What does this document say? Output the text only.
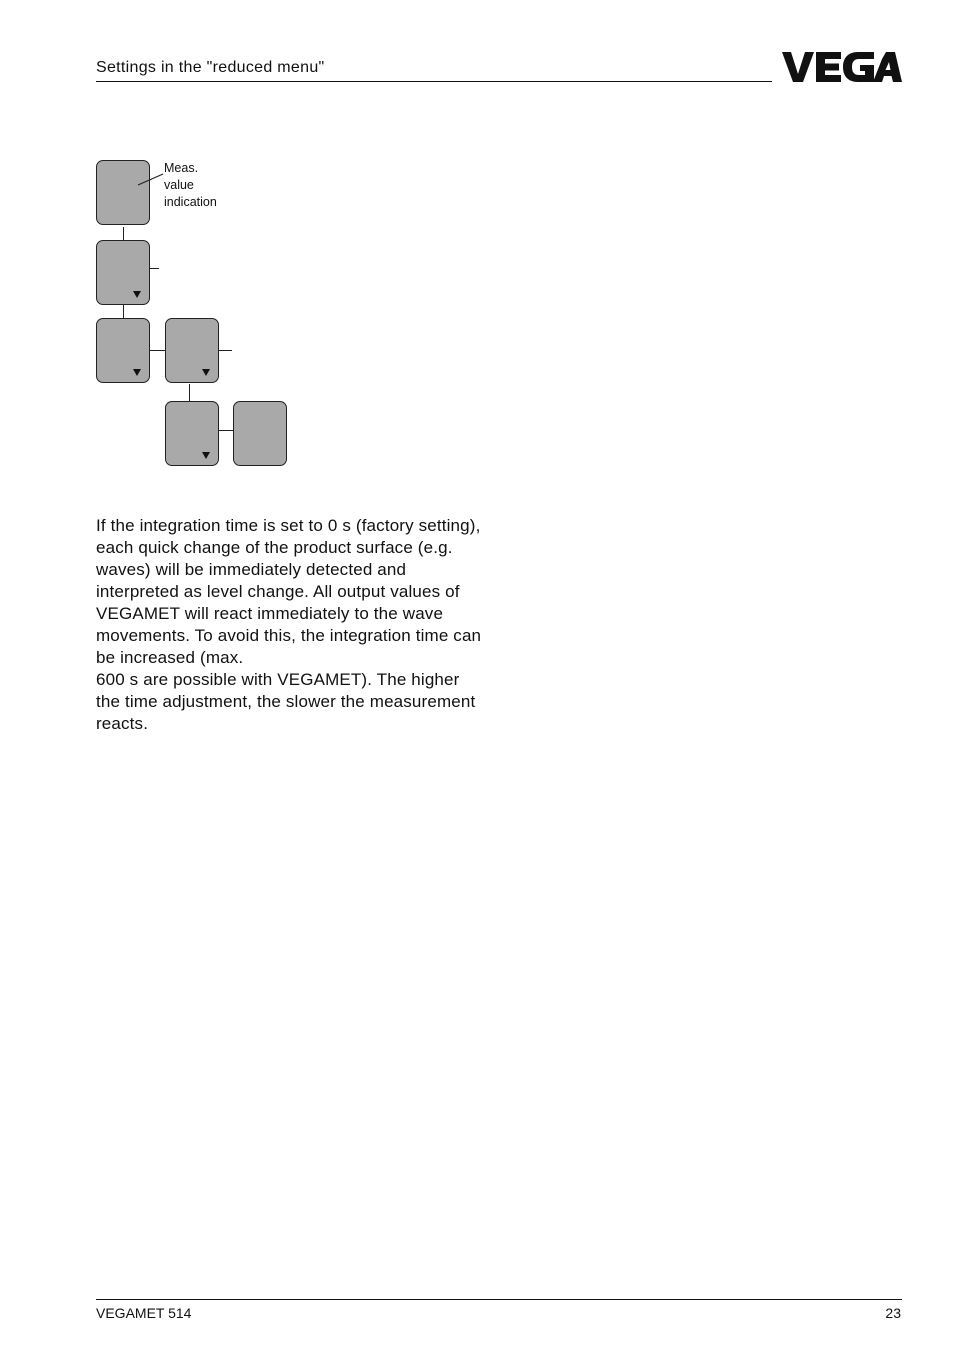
Settings in the "reduced menu"
Meas.
value
indication

If the integration time is set to 0 s (factory setting), each quick change of the product surface (e.g. waves) will be immediately detected and interpreted as level change. All output values of VEGAMET will react immediately to the wave movements. To avoid this, the integration time can be increased (max.

600 s are possible with VEGAMET). The higher the time adjustment, the slower the measurement reacts.

VEGAMET 514	23
